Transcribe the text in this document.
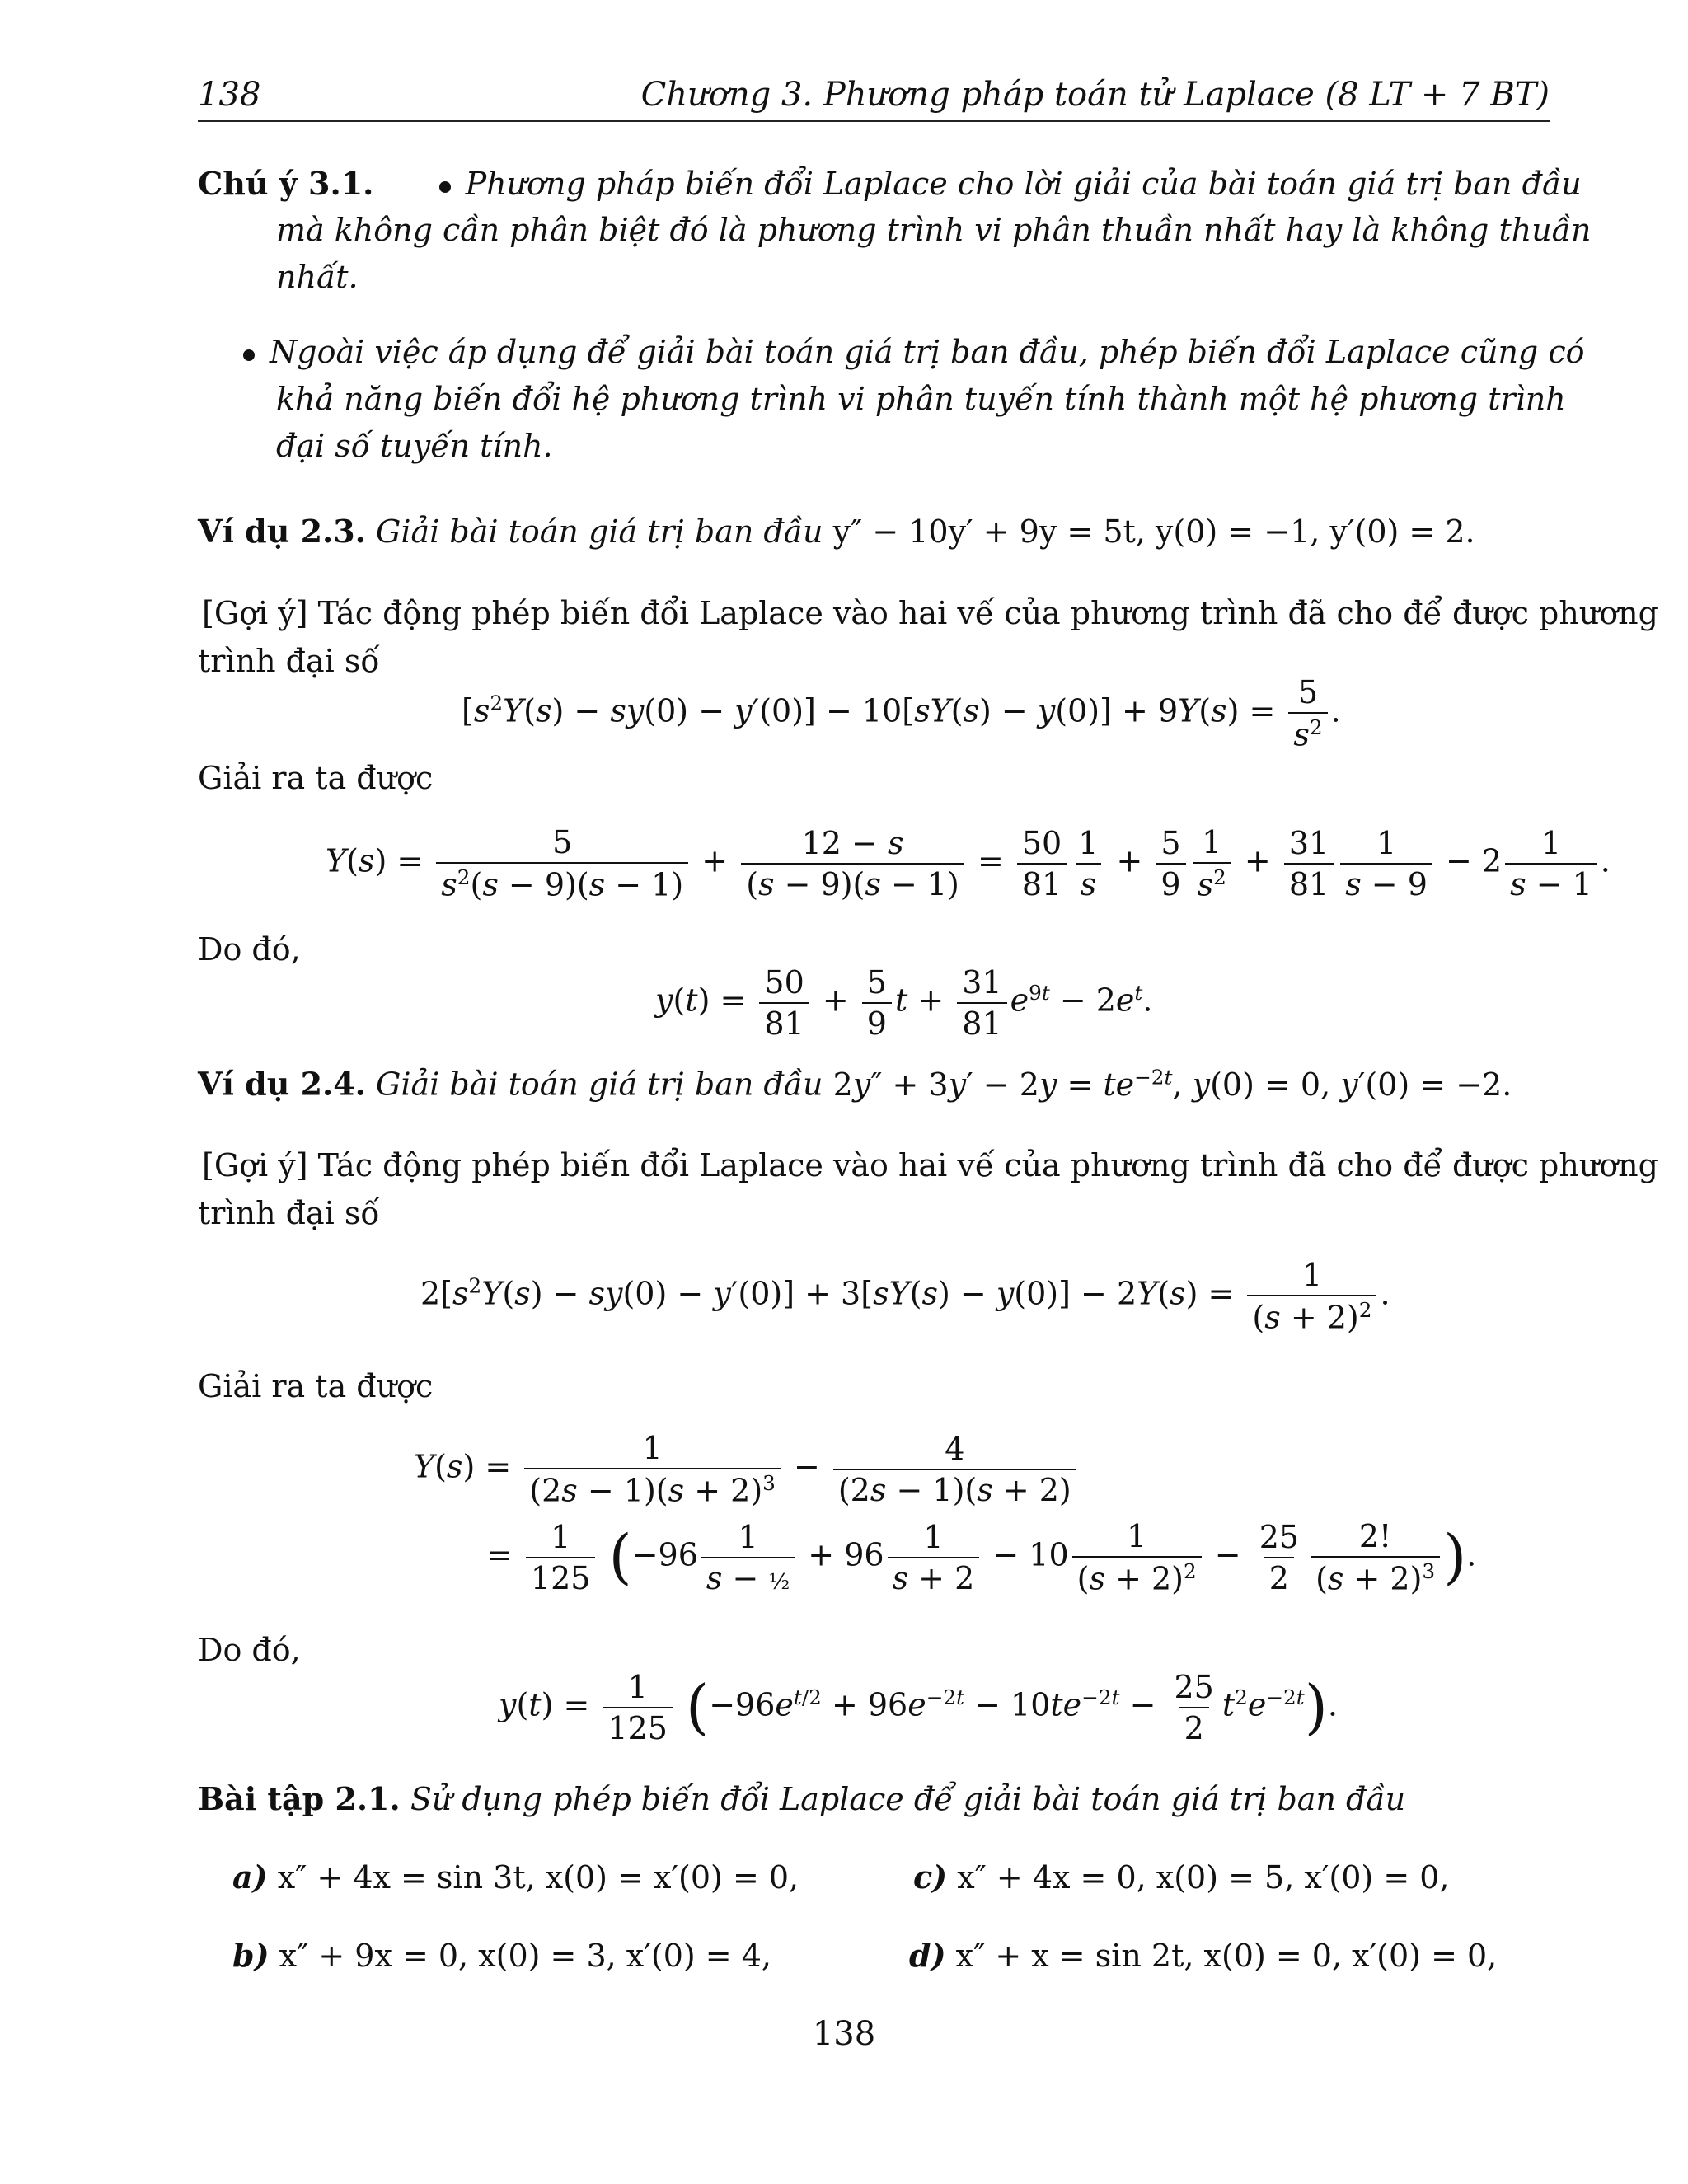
138	Chương 3. Phương pháp toán tử Laplace (8 LT + 7 BT)
Chú ý 3.1.	Phương pháp biến đổi Laplace cho lời giải của bài toán giá trị ban đầu
mà không cần phân biệt đó là phương trình vi phân thuần nhất hay là không thuần
nhất.
Ngoài việc áp dụng để giải bài toán giá trị ban đầu, phép biến đổi Laplace cũng có
khả năng biến đổi hệ phương trình vi phân tuyến tính thành một hệ phương trình
đại số tuyến tính.
Ví dụ 2.3. Giải bài toán giá trị ban đầu y″ − 10y′ + 9y = 5t, y(0) = −1, y′(0) = 2.
[Gợi ý] Tác động phép biến đổi Laplace vào hai vế của phương trình đã cho để được phương
trình đại số
$[s^2Y(s) - sy(0) - y'(0)] - 10[sY(s) - y(0)] + 9Y(s) = \frac{5}{s^2}$ .
Giải ra ta được
$Y(s) = \frac{5}{s^2(s - 9)(s - 1)} + \frac{12 - s}{(s - 9)(s - 1)} = \frac{50}{81} \frac{1}{s} + \frac{5}{9} \frac{1}{s^2} + \frac{31}{81} \frac{1}{s - 9} - 2 \frac{1}{s - 1}$ .
Do đó,
$y(t) = \frac{50}{81} + \frac{5}{9}$ $t + \frac{31}{81} e^{9t} - 2e^t$.
Ví dụ 2.4. Giải bài toán giá trị ban đầu $2y'' + 3y' - 2y = te^{-2t}$, y(0) = 0, y′(0) = −2.
[Gợi ý] Tác động phép biến đổi Laplace vào hai vế của phương trình đã cho để được phương
trình đại số
$2[s^2Y(s) - sy(0) - y'(0)] + 3[sY(s) - y(0)] - 2Y(s) = \frac{1}{(s + 2)^2}$ .
Giải ra ta được
$Y(s) = \frac{1}{(2s - 1)(s + 2)^3} - \frac{4}{(2s - 1)(s + 2)}$
= $\frac{1}{125} (-96 \frac{1}{\text{s − ½}} + 96 \frac{1}{s + 2} - 10 \frac{1}{(s + 2)^2} - \frac{25}{2} \frac{2!}{(s + 2)^3}$ ).
Do đó,
$y(t) = \frac{1}{125} (-96e^{t/2} + 96e^{-2t} - 10te^{-2t} - \frac{25}{2} t^2e^{-2t})$.
Bài tập 2.1. Sử dụng phép biến đổi Laplace để giải bài toán giá trị ban đầu
a) x″ + 4x = sin 3t, x(0) = x′(0) = 0,
b) x″ + 9x = 0, x(0) = 3, x′(0) = 4,
c) x″ + 4x = 0, x(0) = 5, x′(0) = 0,
d) x″ + x = sin 2t, x(0) = 0, x′(0) = 0,
138
